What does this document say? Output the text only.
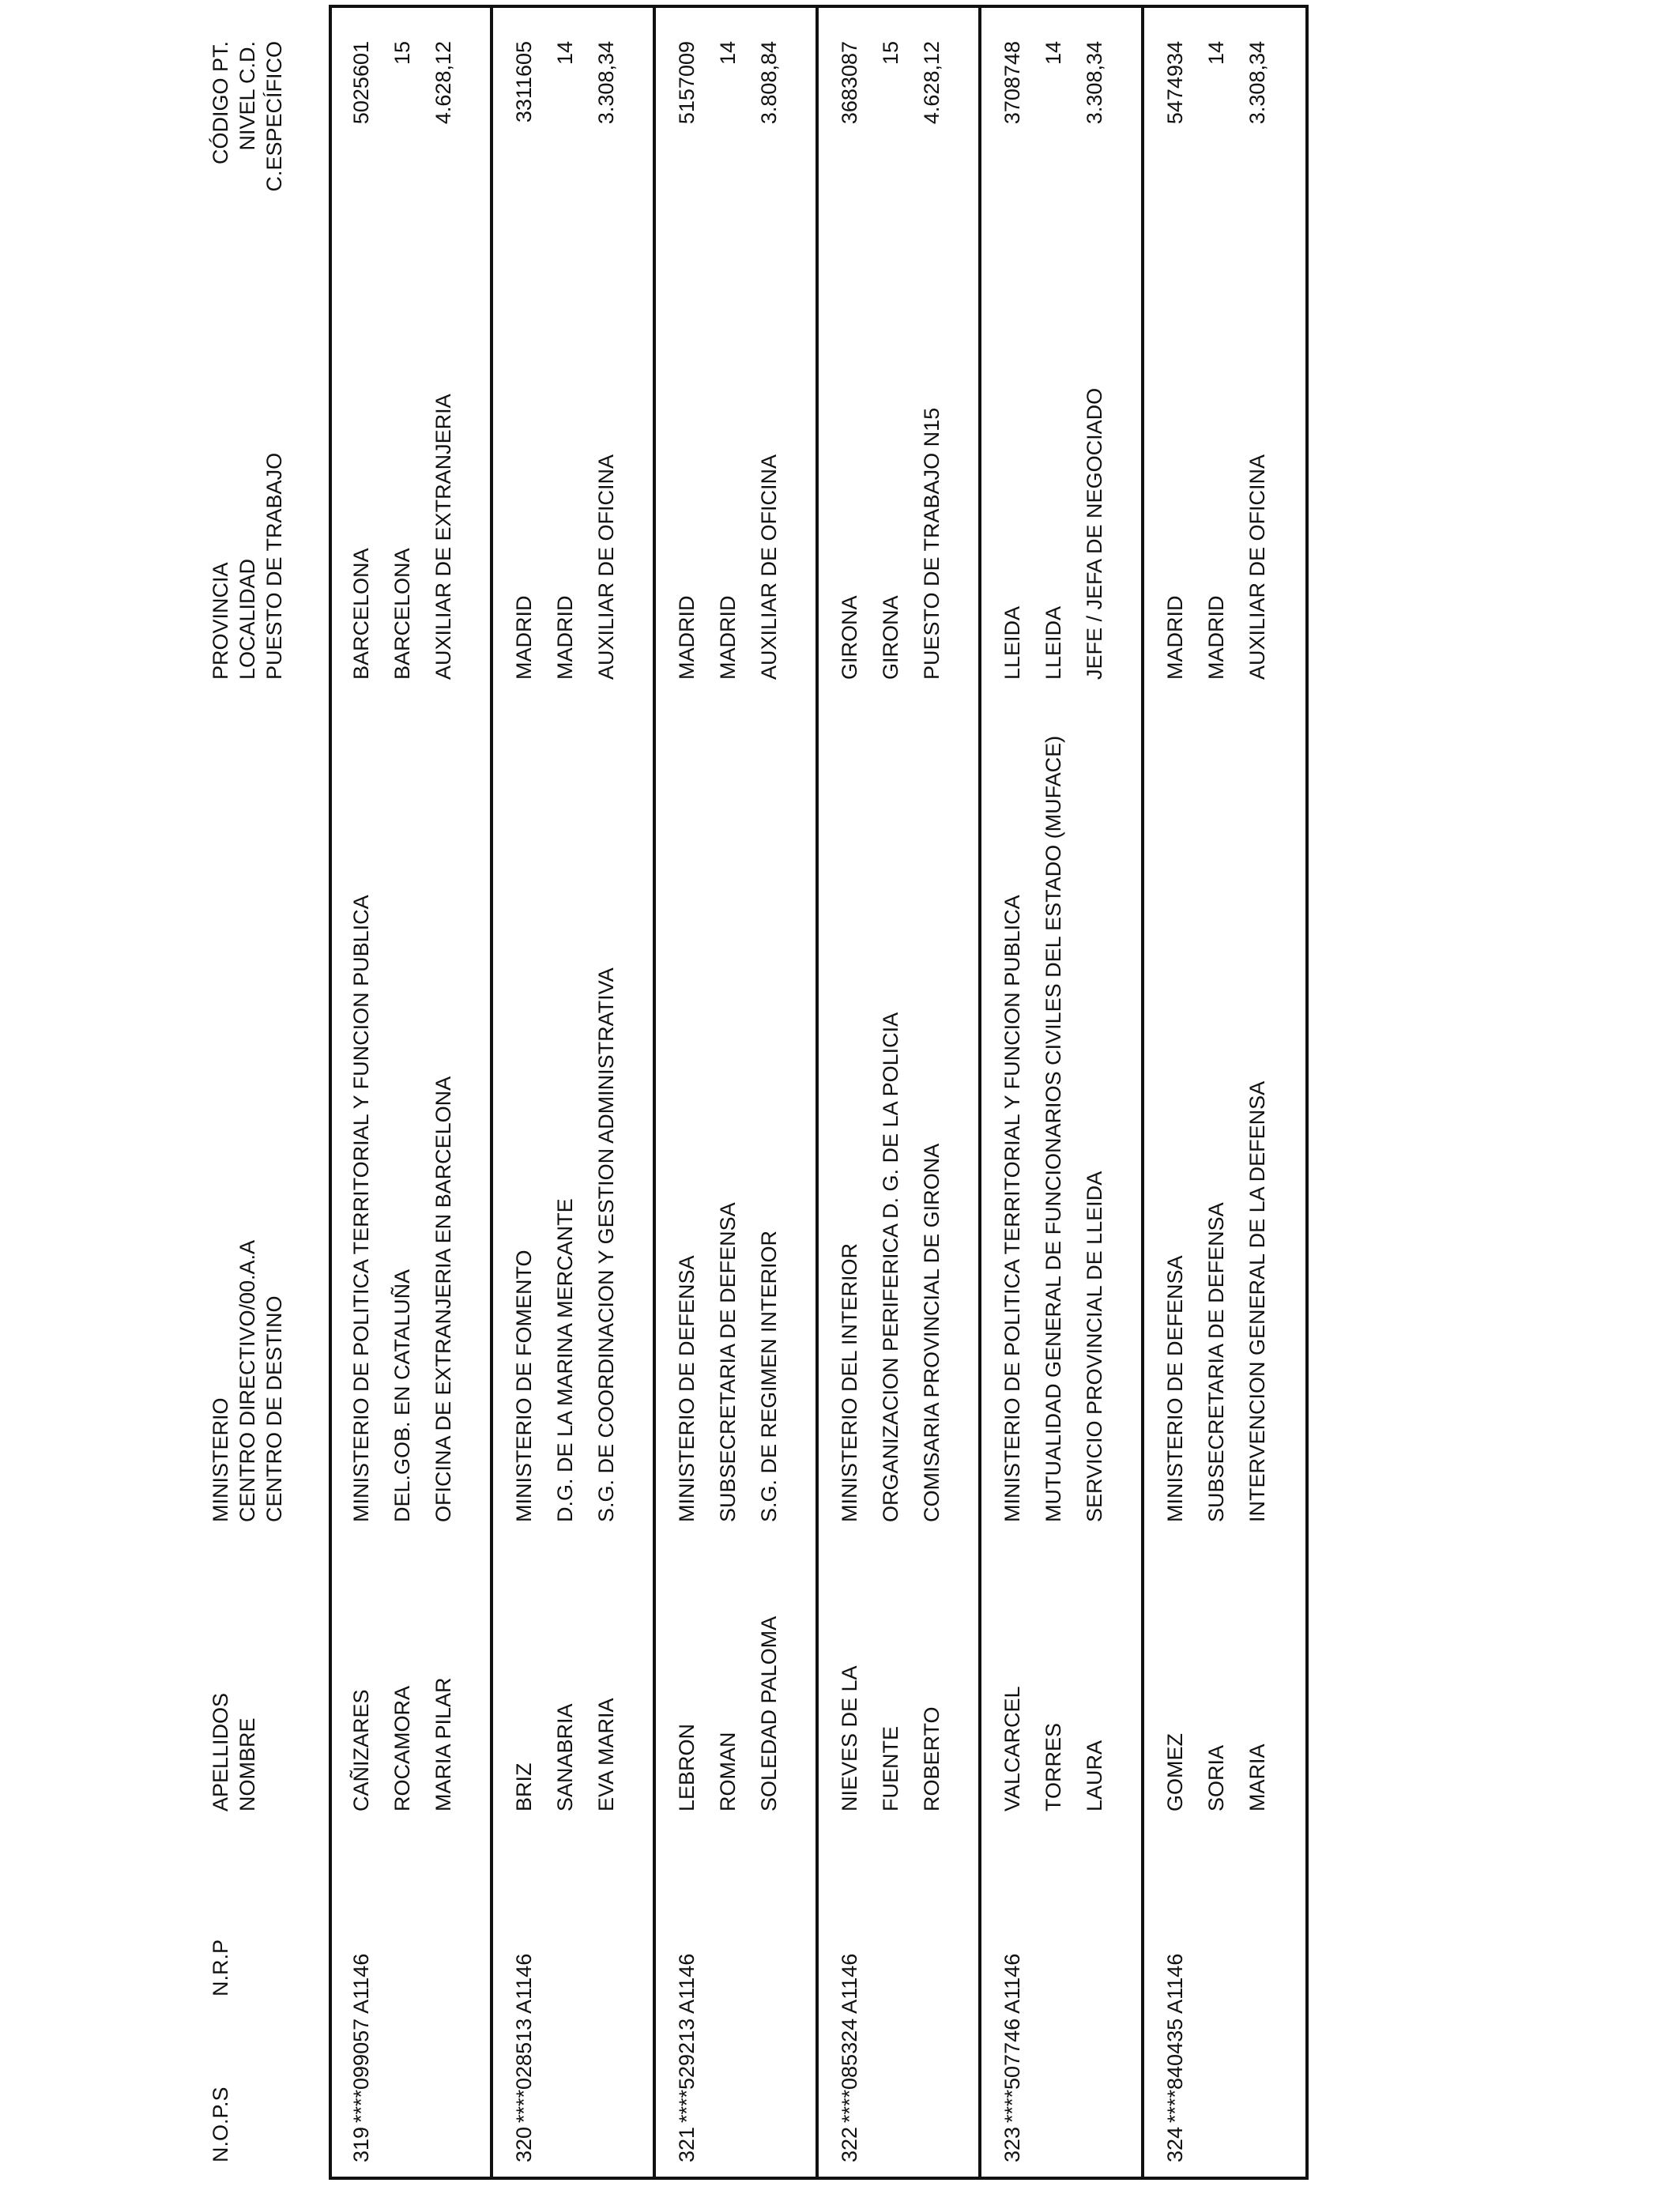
N.O.P.S
N.R.P
APELLIDOS NOMBRE
MINISTERIO CENTRO DIRECTIVO/00.A.A CENTRO DE DESTINO
PROVINCIA LOCALIDAD PUESTO DE TRABAJO
CÓDIGO PT. NIVEL C.D. C.ESPECÍFICO
319
****099057 A1146
CAÑIZARES ROCAMORA MARIA PILAR
MINISTERIO DE POLITICA TERRITORIAL Y FUNCION PUBLICA DEL.GOB. EN CATALUÑA OFICINA DE EXTRANJERIA EN BARCELONA
BARCELONA BARCELONA AUXILIAR DE EXTRANJERIA
5025601 15 4.628,12
320
****028513 A1146
BRIZ SANABRIA EVA MARIA
MINISTERIO DE FOMENTO D.G. DE LA MARINA MERCANTE S.G. DE COORDINACION Y GESTION ADMINISTRATIVA
MADRID MADRID AUXILIAR DE OFICINA
3311605 14 3.308,34
321
****529213 A1146
LEBRON ROMAN SOLEDAD PALOMA
MINISTERIO DE DEFENSA SUBSECRETARIA DE DEFENSA S.G. DE REGIMEN INTERIOR
MADRID MADRID AUXILIAR DE OFICINA
5157009 14 3.808,84
322
****085324 A1146
NIEVES DE LA FUENTE ROBERTO
MINISTERIO DEL INTERIOR ORGANIZACION PERIFERICA D. G. DE LA POLICIA COMISARIA PROVINCIAL DE GIRONA
GIRONA GIRONA PUESTO DE TRABAJO N15
3683087 15 4.628,12
323
****507746 A1146
VALCARCEL TORRES LAURA
MINISTERIO DE POLITICA TERRITORIAL Y FUNCION PUBLICA MUTUALIDAD GENERAL DE FUNCIONARIOS CIVILES DEL ESTADO (MUFACE) SERVICIO PROVINCIAL DE LLEIDA
LLEIDA LLEIDA JEFE / JEFA DE NEGOCIADO
3708748 14 3.308,34
324
****840435 A1146
GOMEZ SORIA MARIA
MINISTERIO DE DEFENSA SUBSECRETARIA DE DEFENSA INTERVENCION GENERAL DE LA DEFENSA
MADRID MADRID AUXILIAR DE OFICINA
5474934 14 3.308,34
